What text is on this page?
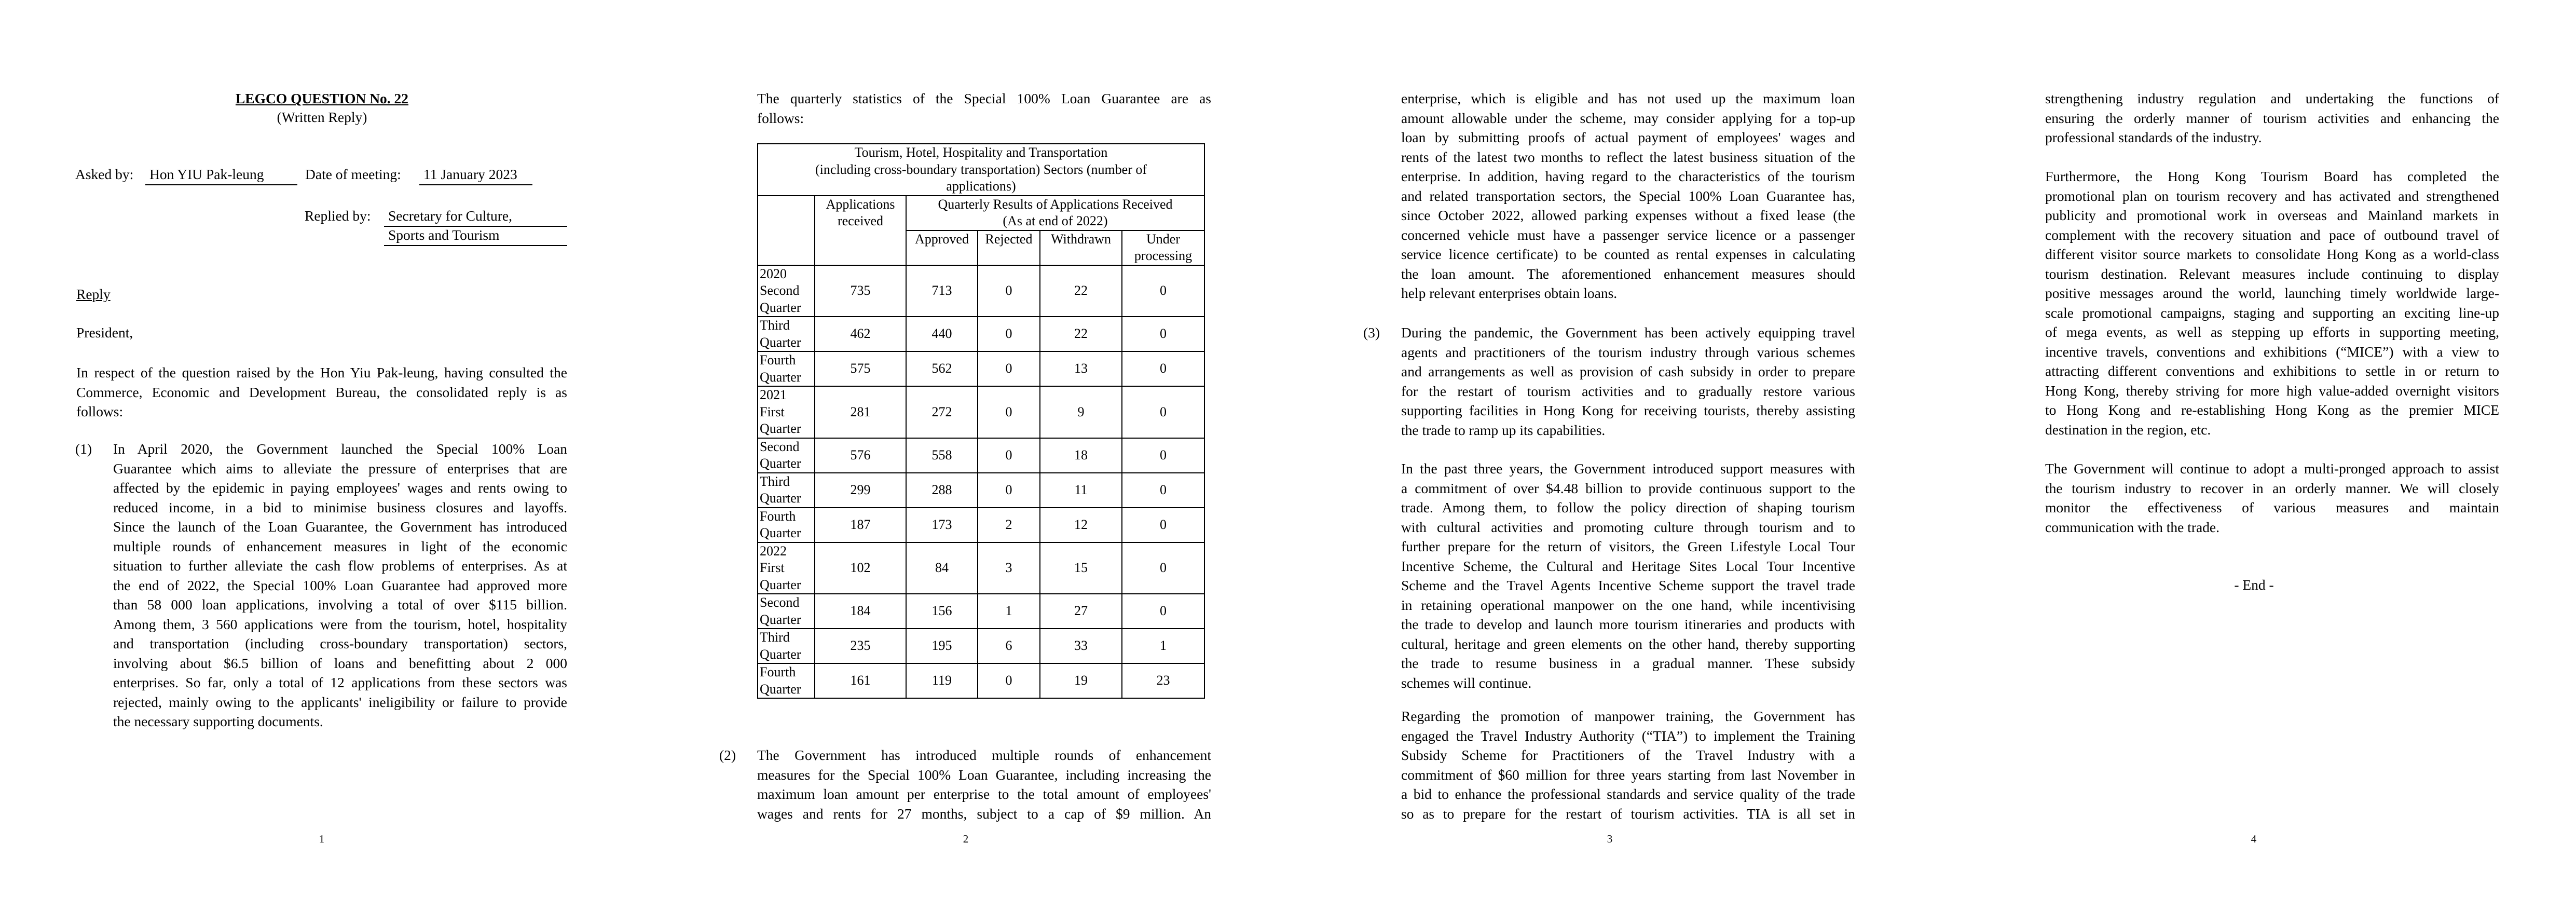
LEGCO QUESTION No. 22
(Written Reply)
Asked by: Hon YIU Pak-leung	Date of meeting: 11 January 2023
Replied by: Secretary for Culture,
Sports and Tourism
Reply
President,
In respect of the question raised by the Hon Yiu Pak-leung, having consulted the
Commerce, Economic and Development Bureau, the consolidated reply is as
follows:
(1) In April 2020, the Government launched the Special 100% Loan
Guarantee which aims to alleviate the pressure of enterprises that are
affected by the epidemic in paying employees' wages and rents owing to
reduced income, in a bid to minimise business closures and layoffs.
Since the launch of the Loan Guarantee, the Government has introduced
multiple rounds of enhancement measures in light of the economic
situation to further alleviate the cash flow problems of enterprises. As at
the end of 2022, the Special 100% Loan Guarantee had approved more
than 58 000 loan applications, involving a total of over $115 billion.
Among them, 3 560 applications were from the tourism, hotel, hospitality
and transportation (including cross-boundary transportation) sectors,
involving about $6.5 billion of loans and benefitting about 2 000
enterprises. So far, only a total of 12 applications from these sectors was
rejected, mainly owing to the applicants' ineligibility or failure to provide
the necessary supporting documents.
1
The quarterly statistics of the Special 100% Loan Guarantee are as
follows:
Tourism, Hotel, Hospitality and Transportation
(including cross-boundary transportation) Sectors (number of
applications)					

	Applications
received	Quarterly Results of Applications Received
(As at end of 2022)			

		Approved	Rejected	Withdrawn	Under
processing

2020
Second
Quarter	735	713	0	22	0

Third
Quarter	462	440	0	22	0

Fourth
Quarter	575	562	0	13	0

2021
First
Quarter	281	272	0	9	0

Second
Quarter	576	558	0	18	0

Third
Quarter	299	288	0	11	0

Fourth
Quarter	187	173	2	12	0

2022
First
Quarter	102	84	3	15	0

Second
Quarter	184	156	1	27	0

Third
Quarter	235	195	6	33	1

Fourth
Quarter	161	119	0	19	23
(2) The Government has introduced multiple rounds of enhancement
measures for the Special 100% Loan Guarantee, including increasing the
maximum loan amount per enterprise to the total amount of employees'
wages and rents for 27 months, subject to a cap of $9 million. An
2
enterprise, which is eligible and has not used up the maximum loan
amount allowable under the scheme, may consider applying for a top-up
loan by submitting proofs of actual payment of employees' wages and
rents of the latest two months to reflect the latest business situation of the
enterprise. In addition, having regard to the characteristics of the tourism
and related transportation sectors, the Special 100% Loan Guarantee has,
since October 2022, allowed parking expenses without a fixed lease (the
concerned vehicle must have a passenger service licence or a passenger
service licence certificate) to be counted as rental expenses in calculating
the loan amount. The aforementioned enhancement measures should
help relevant enterprises obtain loans.
(3) During the pandemic, the Government has been actively equipping travel
agents and practitioners of the tourism industry through various schemes
and arrangements as well as provision of cash subsidy in order to prepare
for the restart of tourism activities and to gradually restore various
supporting facilities in Hong Kong for receiving tourists, thereby assisting
the trade to ramp up its capabilities.
In the past three years, the Government introduced support measures with
a commitment of over $4.48 billion to provide continuous support to the
trade. Among them, to follow the policy direction of shaping tourism
with cultural activities and promoting culture through tourism and to
further prepare for the return of visitors, the Green Lifestyle Local Tour
Incentive Scheme, the Cultural and Heritage Sites Local Tour Incentive
Scheme and the Travel Agents Incentive Scheme support the travel trade
in retaining operational manpower on the one hand, while incentivising
the trade to develop and launch more tourism itineraries and products with
cultural, heritage and green elements on the other hand, thereby supporting
the trade to resume business in a gradual manner. These subsidy
schemes will continue.
Regarding the promotion of manpower training, the Government has
engaged the Travel Industry Authority (“TIA”) to implement the Training
Subsidy Scheme for Practitioners of the Travel Industry with a
commitment of $60 million for three years starting from last November in
a bid to enhance the professional standards and service quality of the trade
so as to prepare for the restart of tourism activities. TIA is all set in
3
strengthening industry regulation and undertaking the functions of
ensuring the orderly manner of tourism activities and enhancing the
professional standards of the industry.
Furthermore, the Hong Kong Tourism Board has completed the
promotional plan on tourism recovery and has activated and strengthened
publicity and promotional work in overseas and Mainland markets in
complement with the recovery situation and pace of outbound travel of
different visitor source markets to consolidate Hong Kong as a world-class
tourism destination. Relevant measures include continuing to display
positive messages around the world, launching timely worldwide large-
scale promotional campaigns, staging and supporting an exciting line-up
of mega events, as well as stepping up efforts in supporting meeting,
incentive travels, conventions and exhibitions (“MICE”) with a view to
attracting different conventions and exhibitions to settle in or return to
Hong Kong, thereby striving for more high value-added overnight visitors
to Hong Kong and re-establishing Hong Kong as the premier MICE
destination in the region, etc.
The Government will continue to adopt a multi-pronged approach to assist
the tourism industry to recover in an orderly manner. We will closely
monitor the effectiveness of various measures and maintain
communication with the trade.
- End -
4
